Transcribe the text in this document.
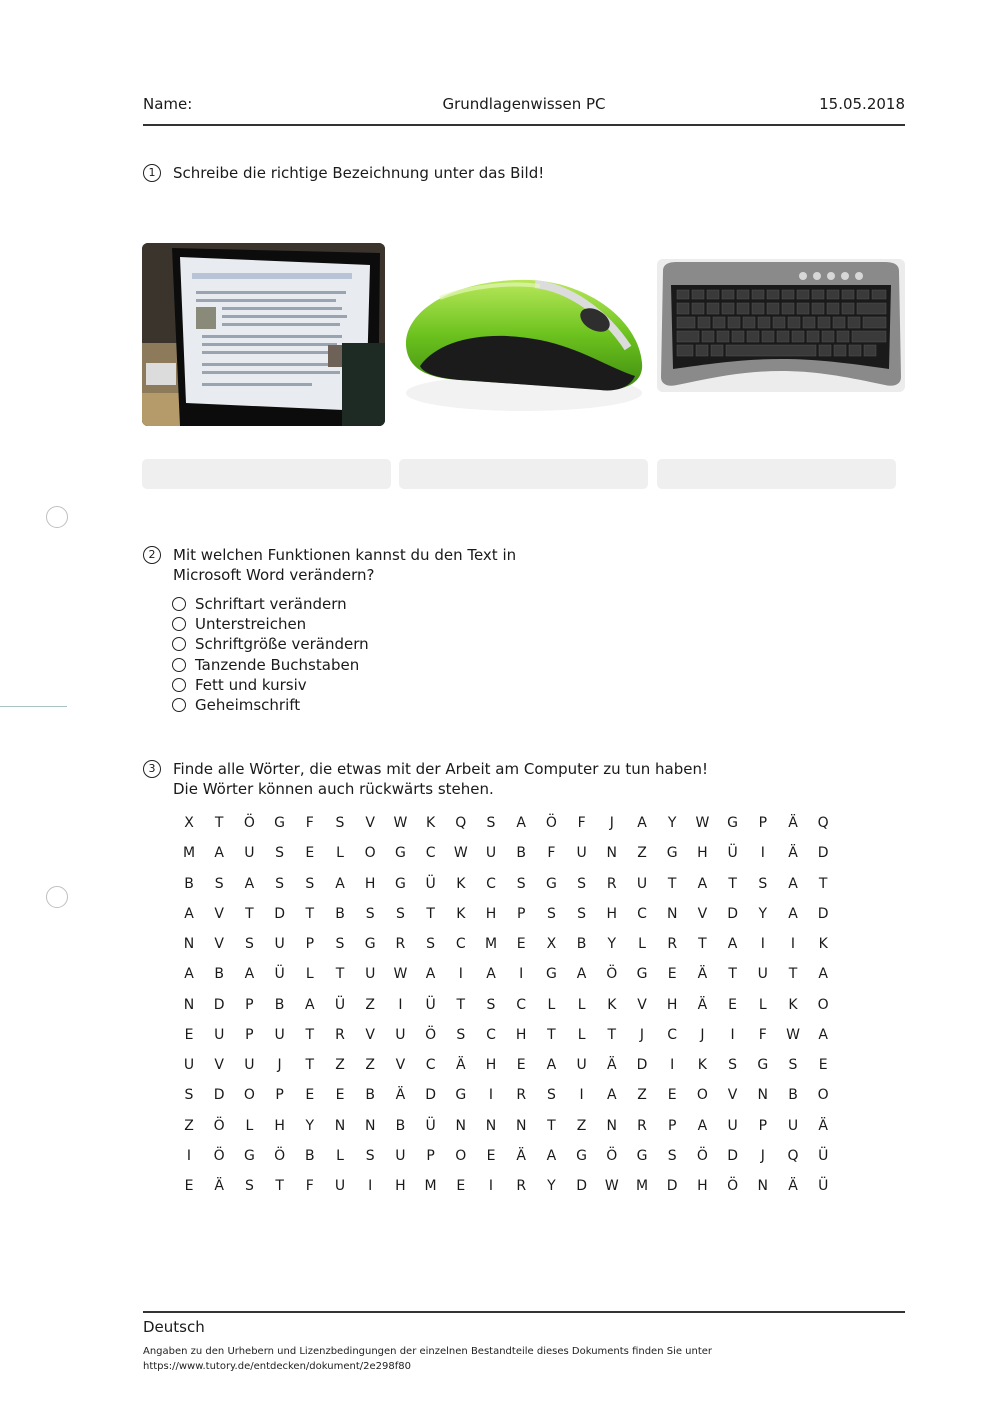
Name:	Grundlagenwissen PC	15.05.2018
1	Schreibe die richtige Bezeichnung unter das Bild!
2	Mit welchen Funktionen kannst du den Text in
Microsoft Word verändern?
Schriftart verändern
Unterstreichen
Schriftgröße verändern
Tanzende Buchstaben
Fett und kursiv
Geheimschrift
3	Finde alle Wörter, die etwas mit der Arbeit am Computer zu tun haben!
Die Wörter können auch rückwärts stehen.
X	T	Ö	G	F	S	V	W	K	Q	S	A	Ö	F	J	A	Y	W	G	P	Ä	Q
M	A	U	S	E	L	O	G	C	W	U	B	F	U	N	Z	G	H	Ü	I	Ä	D
B	S	A	S	S	A	H	G	Ü	K	C	S	G	S	R	U	T	A	T	S	A	T
A	V	T	D	T	B	S	S	T	K	H	P	S	S	H	C	N	V	D	Y	A	D
N	V	S	U	P	S	G	R	S	C	M	E	X	B	Y	L	R	T	A	I	I	K
A	B	A	Ü	L	T	U	W	A	I	A	I	G	A	Ö	G	E	Ä	T	U	T	A
N	D	P	B	A	Ü	Z	I	Ü	T	S	C	L	L	K	V	H	Ä	E	L	K	O
E	U	P	U	T	R	V	U	Ö	S	C	H	T	L	T	J	C	J	I	F	W	A
U	V	U	J	T	Z	Z	V	C	Ä	H	E	A	U	Ä	D	I	K	S	G	S	E
S	D	O	P	E	E	B	Ä	D	G	I	R	S	I	A	Z	E	O	V	N	B	O
Z	Ö	L	H	Y	N	N	B	Ü	N	N	N	T	Z	N	R	P	A	U	P	U	Ä
I	Ö	G	Ö	B	L	S	U	P	O	E	Ä	A	G	Ö	G	S	Ö	D	J	Q	Ü
E	Ä	S	T	F	U	I	H	M	E	I	R	Y	D	W	M	D	H	Ö	N	Ä	Ü
Deutsch
Angaben zu den Urhebern und Lizenzbedingungen der einzelnen Bestandteile dieses Dokuments finden Sie unter
https://www.tutory.de/entdecken/dokument/2e298f80
